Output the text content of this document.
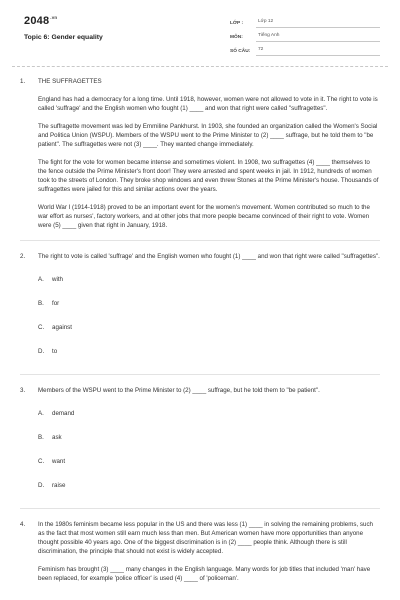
$2048^{.vn}$
Topic 6: Gender equality
LỚP :	Lớp 12
MÔN:	Tiếng Anh
SỐ CÂU:	72
1. THE SUFFRAGETTES

England has had a democracy for a long time. Until 1918, however, women were not allowed to vote in it. The right to vote is called 'suffrage' and the English women who fought (1) ____ and won that right were called "suffragettes".

The suffragette movement was led by Emmiline Pankhurst. In 1903, she founded an organization called the Women's Social and Politica Union (WSPU). Members of the WSPU went to the Prime Minister to (2) ____ suffrage, but he told them to "be patient". The suffragettes were not (3) ____. They wanted change immediately.

The fight for the vote for women became intense and sometimes violent. In 1908, two suffragettes (4) ____ themselves to the fence outside the Prime Minister's front door! They were arrested and spent weeks in jail. In 1912, hundreds of women took to the streets of London. They broke shop windows and even threw Stones at the Prime Minister's house. Thousands of suffragettes were jailed for this and similar actions over the years.

World War I (1914-1918) proved to be an important event for the women's movement. Women contributed so much to the war effort as nurses', factory workers, and at other jobs that more people became convinced of their right to vote. Women were (5) ____ given that right in January, 1918.

2. The right to vote is called 'suffrage' and the English women who fought (1) ____ and won that right were called "suffragettes".
A. with
B. for
C. against
D. to
3. Members of the WSPU went to the Prime Minister to (2) ____ suffrage, but he told them to "be patient".
A. demand
B. ask
C. want
D. raise
4. In the 1980s feminism became less popular in the US and there was less (1) ____ in solving the remaining problems, such as the fact that most women still earn much less than men. But American women have more opportunities than anyone thought possible 40 years ago. One of the biggest discrimination is in (2) ____ people think. Although there is still discrimination, the principle that should not exist is widely accepted.

Feminism has brought (3) ____ many changes in the English language. Many words for job titles that included 'man' have been replaced, for example 'police officer' is used (4) ____ of 'policeman'.
